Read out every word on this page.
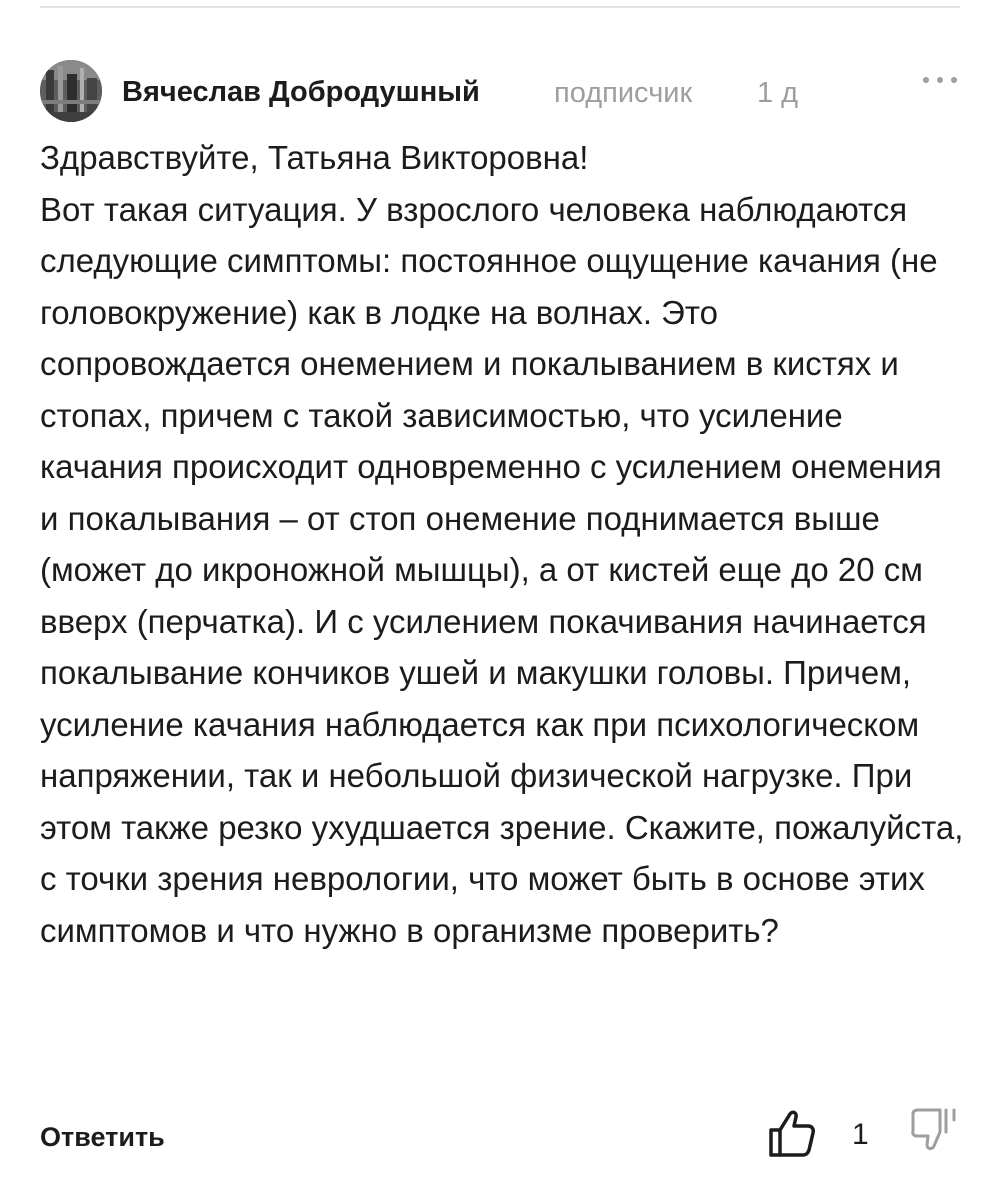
Вячеслав Добродушный	подписчик 1 д

Здравствуйте, Татьяна Викторовна!

Вот такая ситуация. У взрослого человека наблюдаются следующие симптомы: постоянное ощущение качания (не головокружение) как в лодке на волнах. Это сопровождается онемением и покалыванием в кистях и стопах, причем с такой зависимостью, что усиление качания происходит одновременно с усилением онемения и покалывания – от стоп онемение поднимается выше (может до икроножной мышцы), а от кистей еще до 20 см вверх (перчатка). И с усилением покачивания начинается покалывание кончиков ушей и макушки головы. Причем, усиление качания наблюдается как при психологическом напряжении, так и небольшой физической нагрузке. При этом также резко ухудшается зрение. Скажите, пожалуйста, с точки зрения неврологии, что может быть в основе этих симптомов и что нужно в организме проверить?

Ответить	1
